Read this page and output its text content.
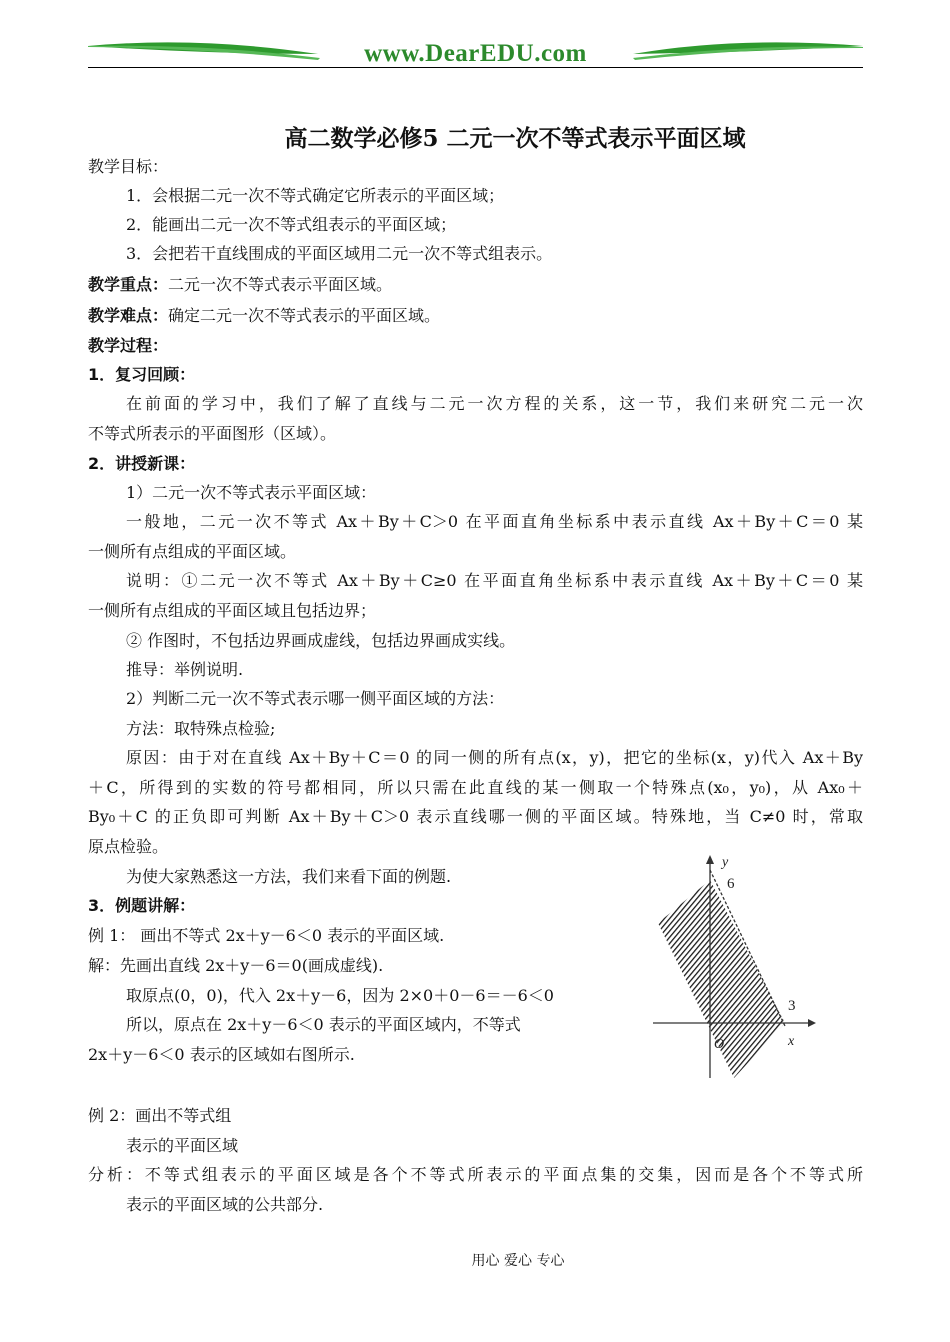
www.DearEDU.com
高二数学必修5 二元一次不等式表示平面区域
教学目标：
1．会根据二元一次不等式确定它所表示的平面区域；
2．能画出二元一次不等式组表示的平面区域；
3．会把若干直线围成的平面区域用二元一次不等式组表示。
教学重点：二元一次不等式表示平面区域。
教学难点：确定二元一次不等式表示的平面区域。
教学过程：
1．复习回顾：
在前面的学习中，我们了解了直线与二元一次方程的关系，这一节，我们来研究二元一次
不等式所表示的平面图形（区域）。
2．讲授新课：
1）二元一次不等式表示平面区域：
一般地，二元一次不等式 Ax＋By＋C＞0 在平面直角坐标系中表示直线 Ax＋By＋C＝0 某
一侧所有点组成的平面区域。
说明：①二元一次不等式 Ax＋By＋C≥0 在平面直角坐标系中表示直线 Ax＋By＋C＝0 某
一侧所有点组成的平面区域且包括边界；
② 作图时，不包括边界画成虚线，包括边界画成实线。
推导：举例说明.
2）判断二元一次不等式表示哪一侧平面区域的方法：
方法：取特殊点检验;
原因：由于对在直线 Ax＋By＋C＝0 的同一侧的所有点(x，y)，把它的坐标(x，y)代入 Ax＋By
＋C，所得到的实数的符号都相同，所以只需在此直线的某一侧取一个特殊点(x₀，y₀)，从 Ax₀＋
By₀＋C 的正负即可判断 Ax＋By＋C＞0 表示直线哪一侧的平面区域。特殊地，当 C≠0 时，常取
原点检验。
为使大家熟悉这一方法，我们来看下面的例题.
3．例题讲解：
例 1： 画出不等式 2x＋y－6＜0 表示的平面区域.
解：先画出直线 2x＋y－6＝0(画成虚线).
取原点(0，0)，代入 2x＋y－6，因为 2×0＋0－6＝－6＜0
所以，原点在 2x＋y－6＜0 表示的平面区域内，不等式
2x＋y－6＜0 表示的区域如右图所示.
y
x
O
6
3
例 2：画出不等式组
表示的平面区域
分析：不等式组表示的平面区域是各个不等式所表示的平面点集的交集，因而是各个不等式所
表示的平面区域的公共部分.
用心 爱心 专心
